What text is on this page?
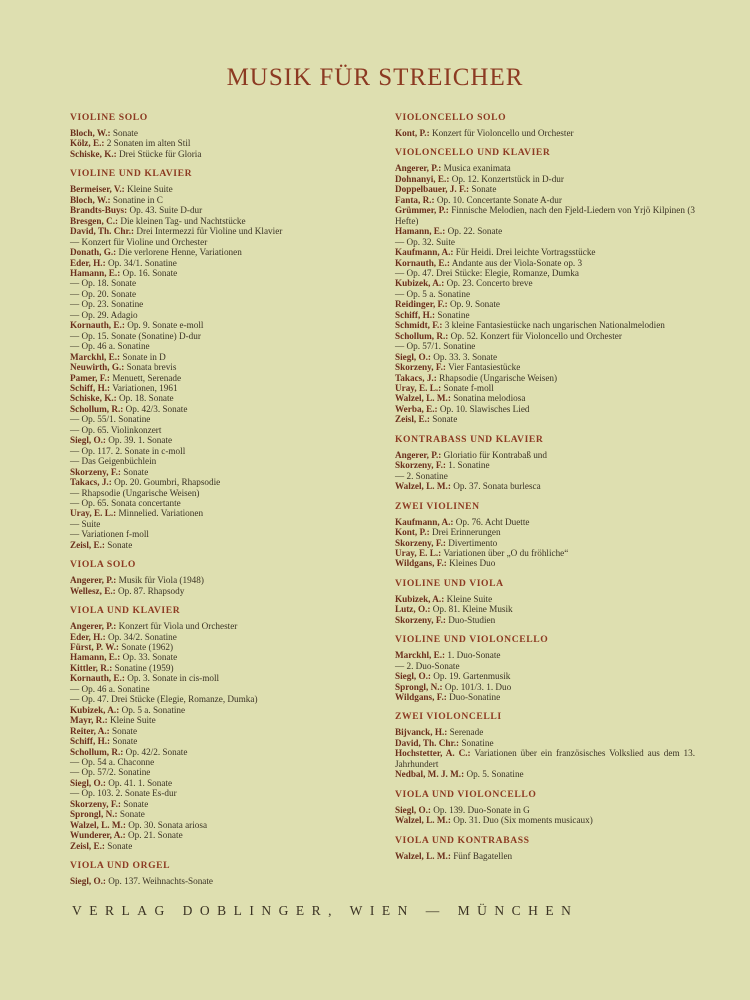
MUSIK FÜR STREICHER
VIOLINE SOLO
Bloch, W.: Sonate
Kölz, E.: 2 Sonaten im alten Stil
Schiske, K.: Drei Stücke für Gloria
VIOLINE UND KLAVIER
Bermeiser, V.: Kleine Suite
Bloch, W.: Sonatine in C
Brandts-Buys: Op. 43. Suite D-dur
Bresgen, C.: Die kleinen Tag- und Nachtstücke
David, Th. Chr.: Drei Intermezzi für Violine und Klavier
— Konzert für Violine und Orchester
Donath, G.: Die verlorene Henne, Variationen
Eder, H.: Op. 34/1. Sonatine
Hamann, E.: Op. 16. Sonate
— Op. 18. Sonate
— Op. 20. Sonate
— Op. 23. Sonatine
— Op. 29. Adagio
Kornauth, E.: Op. 9. Sonate e-moll
— Op. 15. Sonate (Sonatine) D-dur
— Op. 46 a. Sonatine
Marckhl, E.: Sonate in D
Neuwirth, G.: Sonata brevis
Pamer, F.: Menuett, Serenade
Schiff, H.: Variationen, 1961
Schiske, K.: Op. 18. Sonate
Schollum, R.: Op. 42/3. Sonate
— Op. 55/1. Sonatine
— Op. 65. Violinkonzert
Siegl, O.: Op. 39. 1. Sonate
— Op. 117. 2. Sonate in c-moll
— Das Geigenbüchlein
Skorzeny, F.: Sonate
Takacs, J.: Op. 20. Goumbri, Rhapsodie
— Rhapsodie (Ungarische Weisen)
— Op. 65. Sonata concertante
Uray, E. L.: Minnelied. Variationen
— Suite
— Variationen f-moll
Zeisl, E.: Sonate
VIOLA SOLO
Angerer, P.: Musik für Viola (1948)
Wellesz, E.: Op. 87. Rhapsody
VIOLA UND KLAVIER
Angerer, P.: Konzert für Viola und Orchester
Eder, H.: Op. 34/2. Sonatine
Fürst, P. W.: Sonate (1962)
Hamann, E.: Op. 33. Sonate
Kittler, R.: Sonatine (1959)
Kornauth, E.: Op. 3. Sonate in cis-moll
— Op. 46 a. Sonatine
— Op. 47. Drei Stücke (Elegie, Romanze, Dumka)
Kubizek, A.: Op. 5 a. Sonatine
Mayr, R.: Kleine Suite
Reiter, A.: Sonate
Schiff, H.: Sonate
Schollum, R.: Op. 42/2. Sonate
— Op. 54 a. Chaconne
— Op. 57/2. Sonatine
Siegl, O.: Op. 41. 1. Sonate
— Op. 103. 2. Sonate Es-dur
Skorzeny, F.: Sonate
Sprongl, N.: Sonate
Walzel, L. M.: Op. 30. Sonata ariosa
Wunderer, A.: Op. 21. Sonate
Zeisl, E.: Sonate
VIOLA UND ORGEL
Siegl, O.: Op. 137. Weihnachts-Sonate
VIOLONCELLO SOLO
Kont, P.: Konzert für Violoncello und Orchester
VIOLONCELLO UND KLAVIER
Angerer, P.: Musica exanimata
Dohnanyi, E.: Op. 12. Konzertstück in D-dur
Doppelbauer, J. F.: Sonate
Fanta, R.: Op. 10. Concertante Sonate A-dur
Grümmer, P.: Finnische Melodien, nach den Fjeld-Liedern von Yrjö Kilpinen (3 Hefte)
Hamann, E.: Op. 22. Sonate
— Op. 32. Suite
Kaufmann, A.: Für Heidi. Drei leichte Vortragsstücke
Kornauth, E.: Andante aus der Viola-Sonate op. 3
— Op. 47. Drei Stücke: Elegie, Romanze, Dumka
Kubizek, A.: Op. 23. Concerto breve
— Op. 5 a. Sonatine
Reidinger, F.: Op. 9. Sonate
Schiff, H.: Sonatine
Schmidt, F.: 3 kleine Fantasiestücke nach ungarischen Nationalmelodien
Schollum, R.: Op. 52. Konzert für Violoncello und Orchester
— Op. 57/1. Sonatine
Siegl, O.: Op. 33. 3. Sonate
Skorzeny, F.: Vier Fantasiestücke
Takacs, J.: Rhapsodie (Ungarische Weisen)
Uray, E. L.: Sonate f-moll
Walzel, L. M.: Sonatina melodiosa
Werba, E.: Op. 10. Slawisches Lied
Zeisl, E.: Sonate
KONTRABASS UND KLAVIER
Angerer, P.: Gloriatio für Kontrabaß und
Skorzeny, F.: 1. Sonatine
— 2. Sonatine
Walzel, L. M.: Op. 37. Sonata burlesca
ZWEI VIOLINEN
Kaufmann, A.: Op. 76. Acht Duette
Kont, P.: Drei Erinnerungen
Skorzeny, F.: Divertimento
Uray, E. L.: Variationen über „O du fröhliche“
Wildgans, F.: Kleines Duo
VIOLINE UND VIOLA
Kubizek, A.: Kleine Suite
Lutz, O.: Op. 81. Kleine Musik
Skorzeny, F.: Duo-Studien
VIOLINE UND VIOLONCELLO
Marckhl, E.: 1. Duo-Sonate
— 2. Duo-Sonate
Siegl, O.: Op. 19. Gartenmusik
Sprongl, N.: Op. 101/3. 1. Duo
Wildgans, F.: Duo-Sonatine
ZWEI VIOLONCELLI
Bijvanck, H.: Serenade
David, Th. Chr.: Sonatine
Hochstetter, A. C.: Variationen über ein französisches Volkslied aus dem 13. Jahrhundert
Nedbal, M. J. M.: Op. 5. Sonatine
VIOLA UND VIOLONCELLO
Siegl, O.: Op. 139. Duo-Sonate in G
Walzel, L. M.: Op. 31. Duo (Six moments musicaux)
VIOLA UND KONTRABASS
Walzel, L. M.: Fünf Bagatellen
VERLAG DOBLINGER, WIEN — MÜNCHEN
